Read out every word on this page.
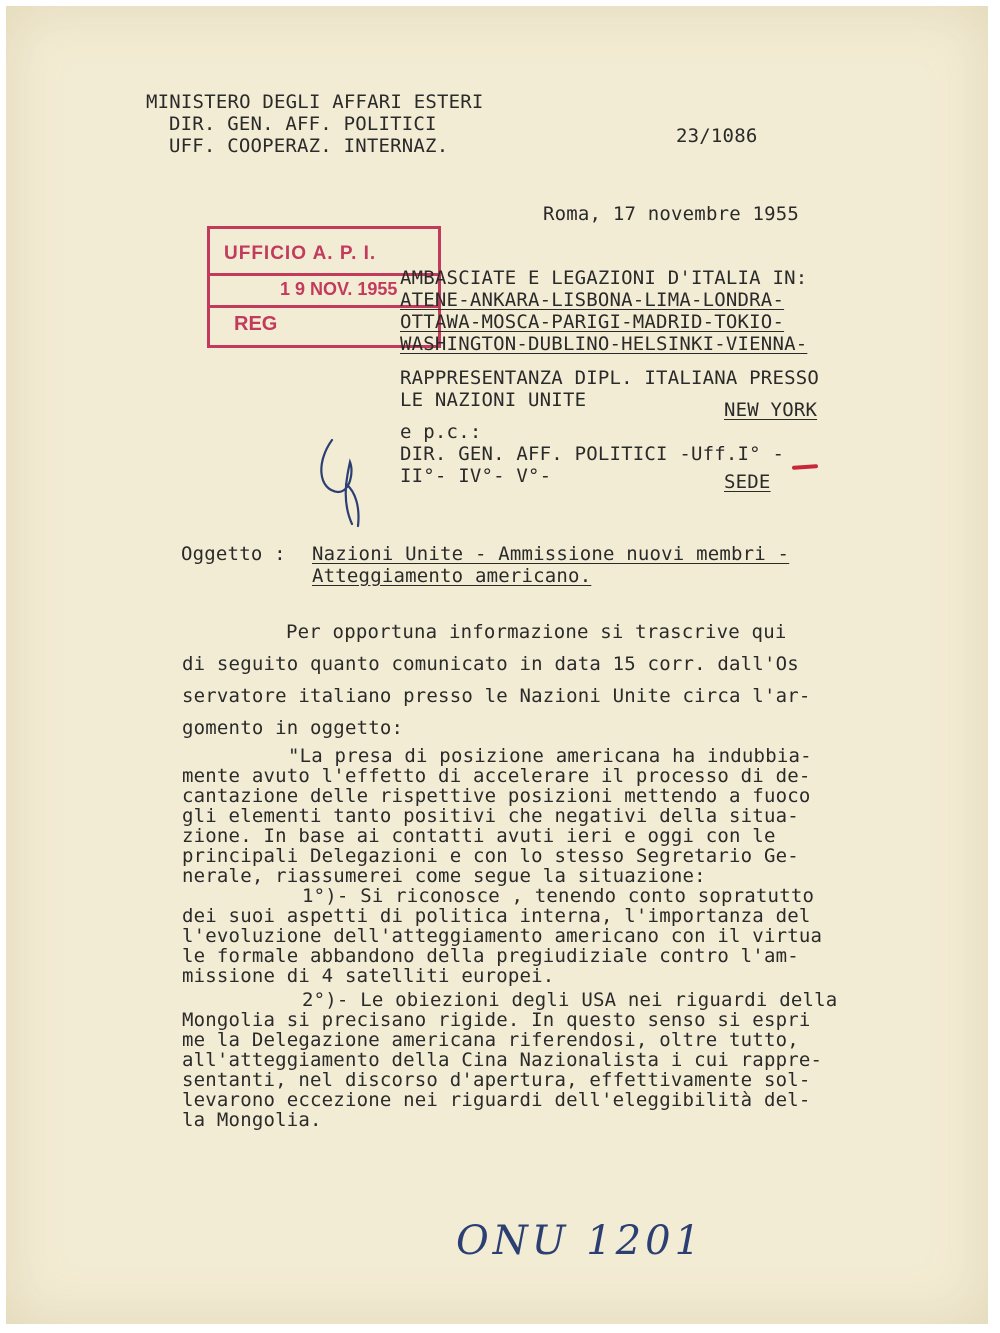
MINISTERO DEGLI AFFARI ESTERI
DIR. GEN. AFF. POLITICI
UFF. COOPERAZ. INTERNAZ.	23/1086
Roma, 17 novembre 1955
UFFICIO A. P. I.
1 9 NOV. 1955
REG
AMBASCIATE E LEGAZIONI D'ITALIA IN:
ATENE-ANKARA-LISBONA-LIMA-LONDRA-
OTTAWA-MOSCA-PARIGI-MADRID-TOKIO-
WASHINGTON-DUBLINO-HELSINKI-VIENNA-
RAPPRESENTANZA DIPL. ITALIANA PRESSO
LE NAZIONI UNITE	NEW YORK
e p.c.:
DIR. GEN. AFF. POLITICI -Uff.I° -
II°- IV°- V°-	SEDE
Oggetto : Nazioni Unite - Ammissione nuovi membri -
Atteggiamento americano.
Per opportuna informazione si trascrive qui
di seguito quanto comunicato in data 15 corr. dall'Os
servatore italiano presso le Nazioni Unite circa l'ar-
gomento in oggetto:
"La presa di posizione americana ha indubbia-
mente avuto l'effetto di accelerare il processo di de-
cantazione delle rispettive posizioni mettendo a fuoco
gli elementi tanto positivi che negativi della situa-
zione. In base ai contatti avuti ieri e oggi con le
principali Delegazioni e con lo stesso Segretario Ge-
nerale, riassumerei come segue la situazione:
1°)- Si riconosce , tenendo conto sopratutto
dei suoi aspetti di politica interna, l'importanza del
l'evoluzione dell'atteggiamento americano con il virtua
le formale abbandono della pregiudiziale contro l'am-
missione di 4 satelliti europei.
2°)- Le obiezioni degli USA nei riguardi della
Mongolia si precisano rigide. In questo senso si espri
me la Delegazione americana riferendosi, oltre tutto,
all'atteggiamento della Cina Nazionalista i cui rappre-
sentanti, nel discorso d'apertura, effettivamente sol-
levarono eccezione nei riguardi dell'eleggibilità del-
la Mongolia.
ONU 1201
